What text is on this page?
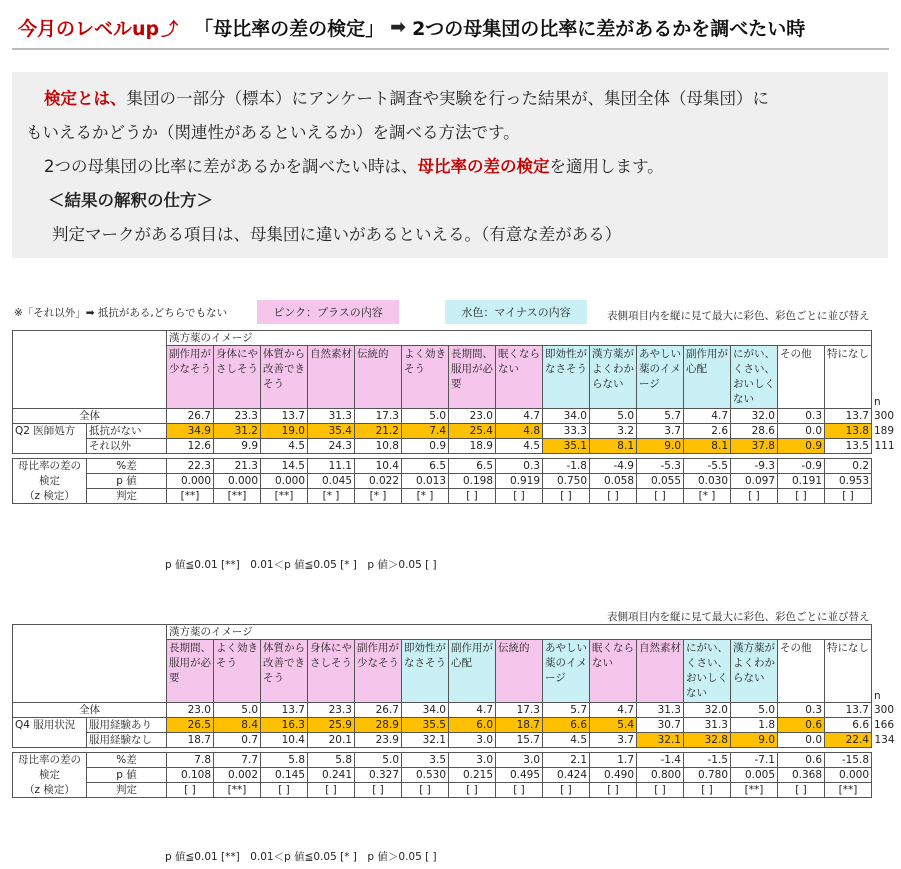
今月のレベルup ⤴ 「母比率の差の検定」 ➡ 2つの母集団の比率に差があるかを調べたい時
検定とは、集団の一部分（標本）にアンケート調査や実験を行った結果が、集団全体（母集団）に
もいえるかどうか（関連性があるといえるか）を調べる方法です。
2つの母集団の比率に差があるかを調べたい時は、母比率の差の検定を適用します。
＜結果の解釈の仕方＞
判定マークがある項目は、母集団に違いがあるといえる。（有意な差がある）
※「それ以外」➡ 抵抗がある,どちらでもない	ピンク：プラスの内容	水色：マイナスの内容	表側項目内を縦に見て最大に彩色、彩色ごとに並び替え
p 値≦0.01 [**]　0.01＜p 値≦0.05 [* ]　p 値＞0.05 [ ]
表側項目内を縦に見て最大に彩色、彩色ごとに並び替え
p 値≦0.01 [**]　0.01＜p 値≦0.05 [* ]　p 値＞0.05 [ ]
		漢方薬のイメージ															
		副作用が少なそう	身体にやさしそう	体質から改善できそう	自然素材	伝統的	よく効きそう	長期間、服用が必要	眠くならない	即効性がなさそう	漢方薬がよくわからない	あやしい薬のイメージ	副作用が心配	にがい、くさい、おいしくない	その他	特になし	n
全体		26.7	23.3	13.7	31.3	17.3	5.0	23.0	4.7	34.0	5.0	5.7	4.7	32.0	0.3	13.7	300
Q2 医師処方	抵抗がない	34.9	31.2	19.0	35.4	21.2	7.4	25.4	4.8	33.3	3.2	3.7	2.6	28.6	0.0	13.8	189
	それ以外	12.6	9.9	4.5	24.3	10.8	0.9	18.9	4.5	35.1	8.1	9.0	8.1	37.8	0.9	13.5	111
母比率の差の	%差	22.3	21.3	14.5	11.1	10.4	6.5	6.5	0.3	-1.8	-4.9	-5.3	-5.5	-9.3	-0.9	0.2
検定	p 値	0.000	0.000	0.000	0.045	0.022	0.013	0.198	0.919	0.750	0.058	0.055	0.030	0.097	0.191	0.953
（z 検定）	判定	[**]	[**]	[**]	[* ]	[* ]	[* ]	[ ]	[ ]	[ ]	[ ]	[ ]	[* ]	[ ]	[ ]	[ ]
		漢方薬のイメージ															
		長期間、服用が必要	よく効きそう	体質から改善できそう	身体にやさしそう	副作用が少なそう	即効性がなさそう	副作用が心配	伝統的	あやしい薬のイメージ	眠くならない	自然素材	にがい、くさい、おいしくない	漢方薬がよくわからない	その他	特になし	n
全体		23.0	5.0	13.7	23.3	26.7	34.0	4.7	17.3	5.7	4.7	31.3	32.0	5.0	0.3	13.7	300
Q4 服用状況	服用経験あり	26.5	8.4	16.3	25.9	28.9	35.5	6.0	18.7	6.6	5.4	30.7	31.3	1.8	0.6	6.6	166
	服用経験なし	18.7	0.7	10.4	20.1	23.9	32.1	3.0	15.7	4.5	3.7	32.1	32.8	9.0	0.0	22.4	134
母比率の差の	%差	7.8	7.7	5.8	5.8	5.0	3.5	3.0	3.0	2.1	1.7	-1.4	-1.5	-7.1	0.6	-15.8
検定	p 値	0.108	0.002	0.145	0.241	0.327	0.530	0.215	0.495	0.424	0.490	0.800	0.780	0.005	0.368	0.000
（z 検定）	判定	[ ]	[**]	[ ]	[ ]	[ ]	[ ]	[ ]	[ ]	[ ]	[ ]	[ ]	[ ]	[**]	[ ]	[**]
